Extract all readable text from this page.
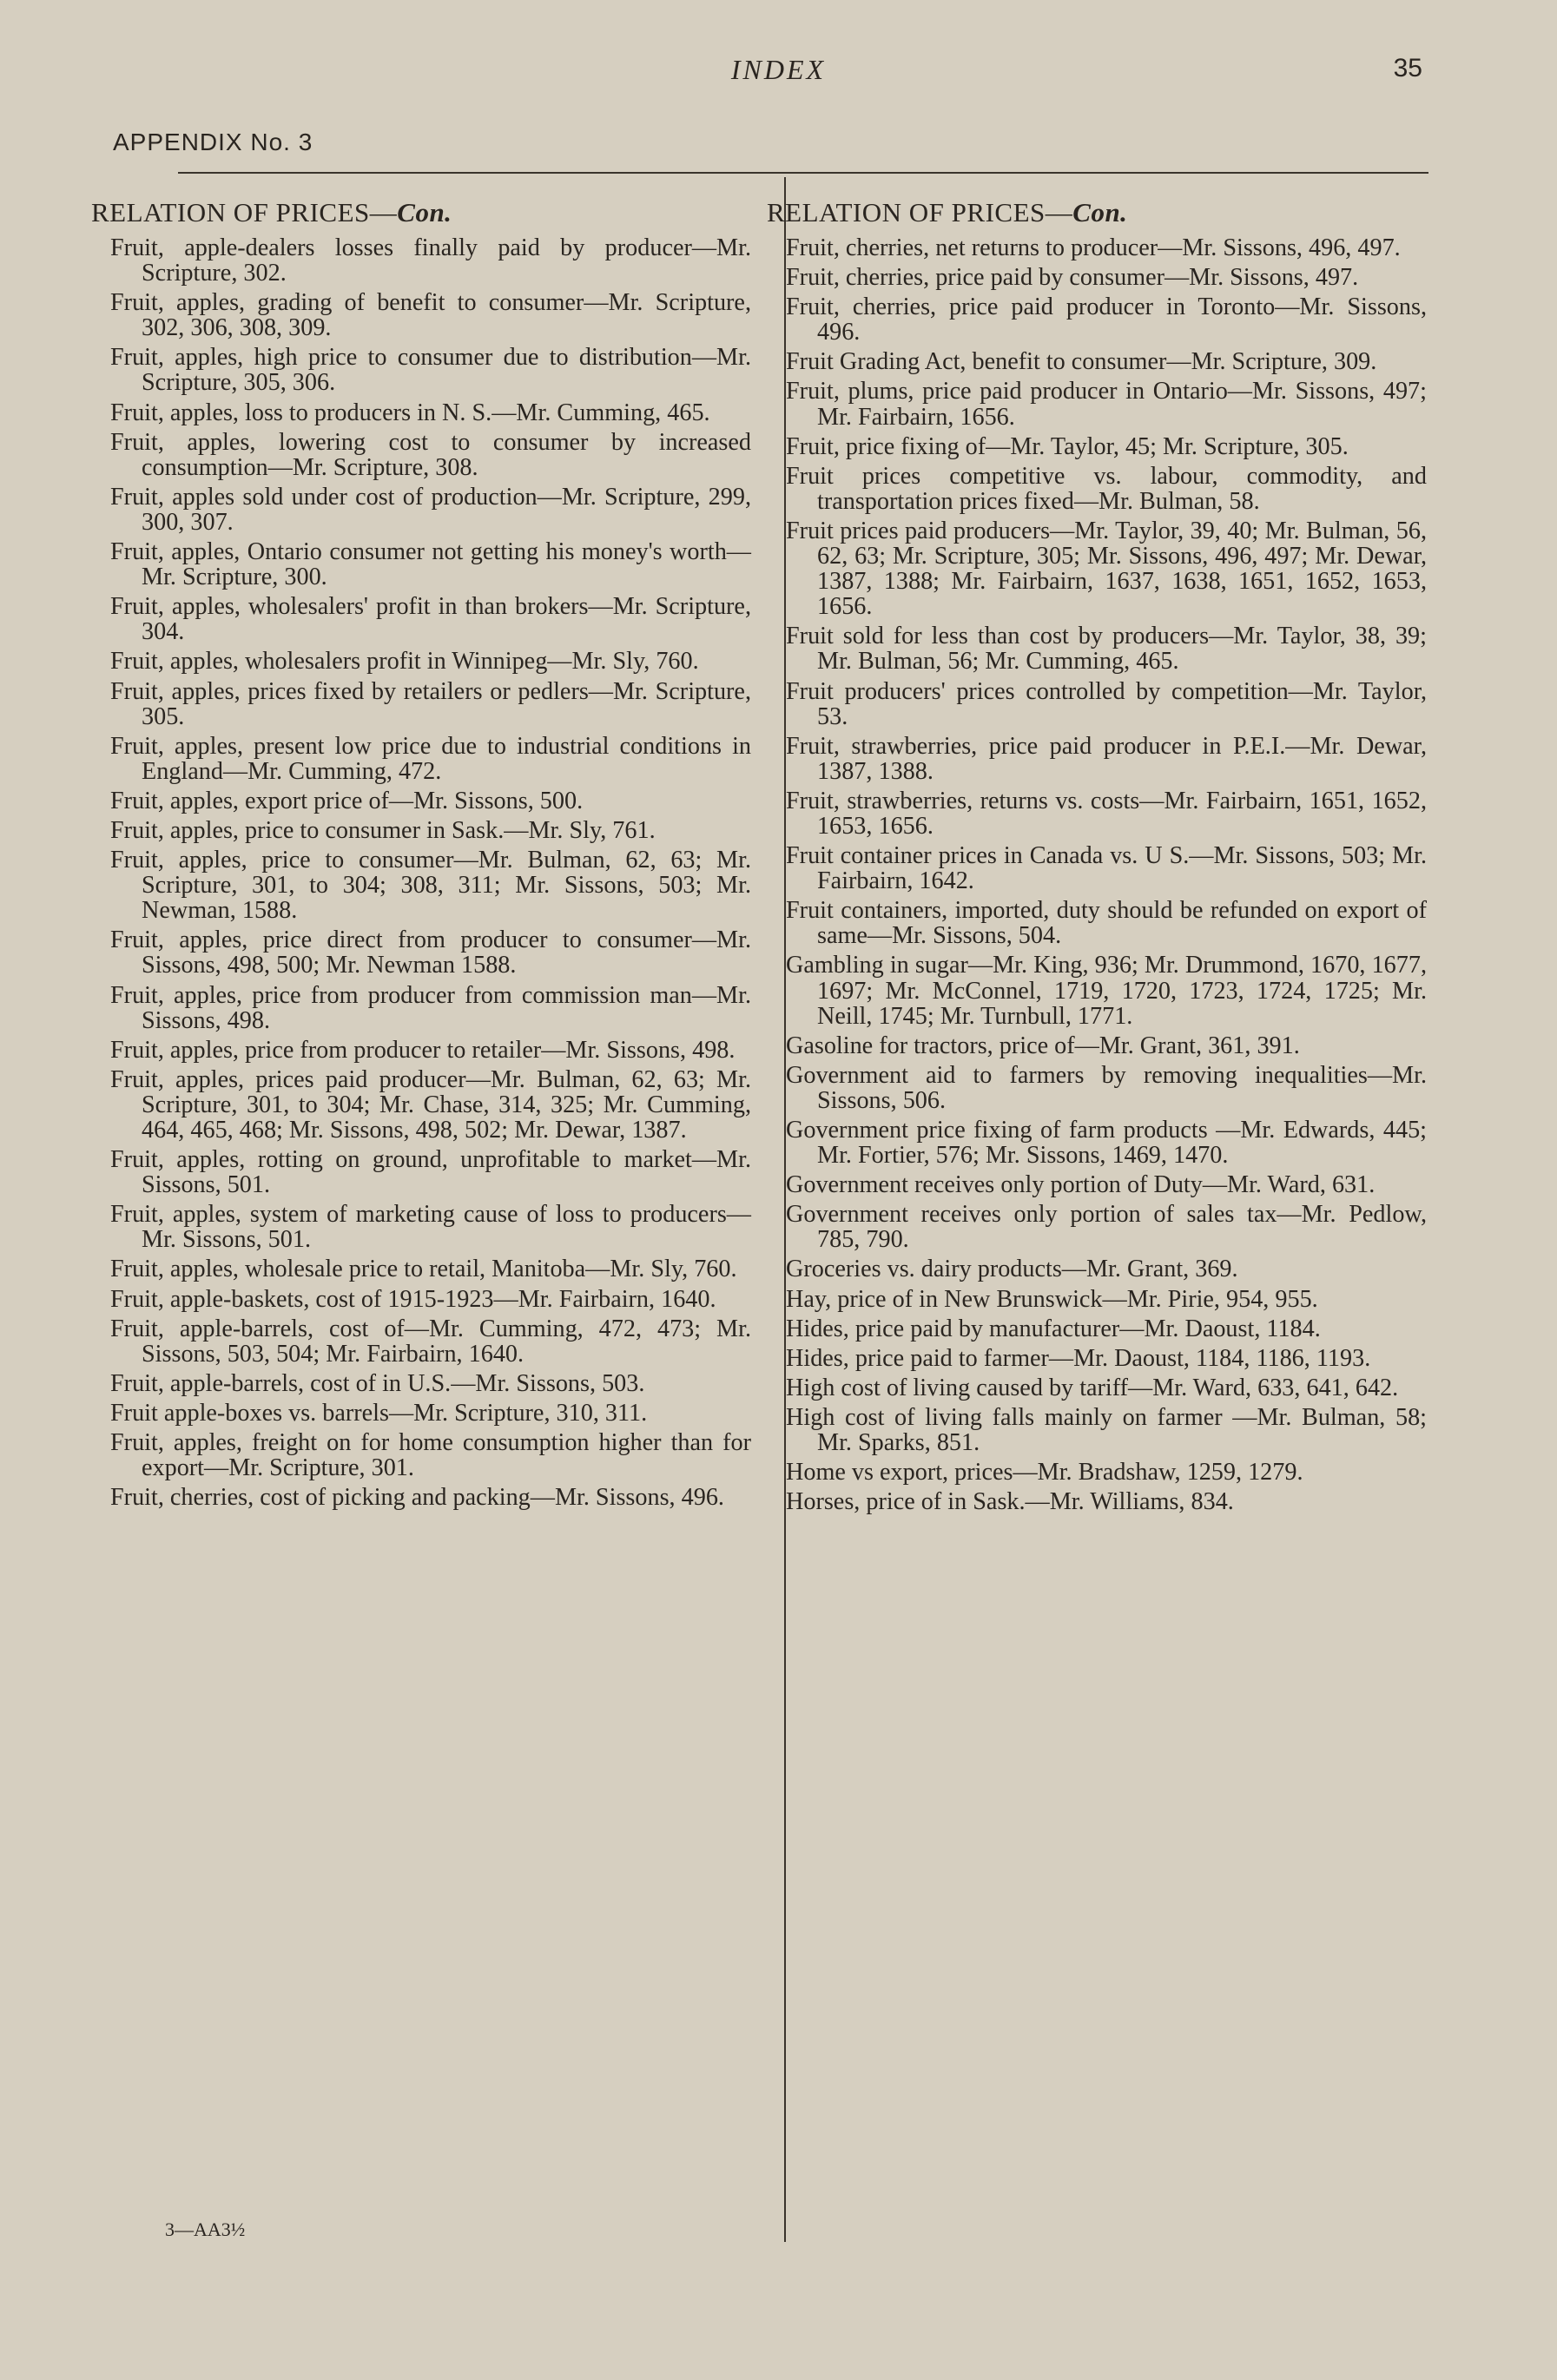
INDEX	35
APPENDIX No. 3
RELATION OF PRICES—Con.

Fruit, apple-dealers losses finally paid by producer—Mr. Scripture, 302.

Fruit, apples, grading of benefit to consumer—Mr. Scripture, 302, 306, 308, 309.

Fruit, apples, high price to consumer due to distribution—Mr. Scripture, 305, 306.

Fruit, apples, loss to producers in N. S.—Mr. Cumming, 465.

Fruit, apples, lowering cost to consumer by increased consumption—Mr. Scripture, 308.

Fruit, apples sold under cost of production—Mr. Scripture, 299, 300, 307.

Fruit, apples, Ontario consumer not getting his money's worth—Mr. Scripture, 300.

Fruit, apples, wholesalers' profit in than brokers—Mr. Scripture, 304.

Fruit, apples, wholesalers profit in Winnipeg—Mr. Sly, 760.

Fruit, apples, prices fixed by retailers or pedlers—Mr. Scripture, 305.

Fruit, apples, present low price due to industrial conditions in England—Mr. Cumming, 472.

Fruit, apples, export price of—Mr. Sissons, 500.

Fruit, apples, price to consumer in Sask.—Mr. Sly, 761.

Fruit, apples, price to consumer—Mr. Bulman, 62, 63; Mr. Scripture, 301, to 304; 308, 311; Mr. Sissons, 503; Mr. Newman, 1588.

Fruit, apples, price direct from producer to consumer—Mr. Sissons, 498, 500; Mr. Newman 1588.

Fruit, apples, price from producer from commission man—Mr. Sissons, 498.

Fruit, apples, price from producer to retailer—Mr. Sissons, 498.

Fruit, apples, prices paid producer—Mr. Bulman, 62, 63; Mr. Scripture, 301, to 304; Mr. Chase, 314, 325; Mr. Cumming, 464, 465, 468; Mr. Sissons, 498, 502; Mr. Dewar, 1387.

Fruit, apples, rotting on ground, unprofitable to market—Mr. Sissons, 501.

Fruit, apples, system of marketing cause of loss to producers—Mr. Sissons, 501.

Fruit, apples, wholesale price to retail, Manitoba—Mr. Sly, 760.

Fruit, apple-baskets, cost of 1915-1923—Mr. Fairbairn, 1640.

Fruit, apple-barrels, cost of—Mr. Cumming, 472, 473; Mr. Sissons, 503, 504; Mr. Fairbairn, 1640.

Fruit, apple-barrels, cost of in U.S.—Mr. Sissons, 503.

Fruit apple-boxes vs. barrels—Mr. Scripture, 310, 311.

Fruit, apples, freight on for home consumption higher than for export—Mr. Scripture, 301.

Fruit, cherries, cost of picking and packing—Mr. Sissons, 496.

RELATION OF PRICES—Con.

Fruit, cherries, net returns to producer—Mr. Sissons, 496, 497.

Fruit, cherries, price paid by consumer—Mr. Sissons, 497.

Fruit, cherries, price paid producer in Toronto—Mr. Sissons, 496.

Fruit Grading Act, benefit to consumer—Mr. Scripture, 309.

Fruit, plums, price paid producer in Ontario—Mr. Sissons, 497; Mr. Fairbairn, 1656.

Fruit, price fixing of—Mr. Taylor, 45; Mr. Scripture, 305.

Fruit prices competitive vs. labour, commodity, and transportation prices fixed—Mr. Bulman, 58.

Fruit prices paid producers—Mr. Taylor, 39, 40; Mr. Bulman, 56, 62, 63; Mr. Scripture, 305; Mr. Sissons, 496, 497; Mr. Dewar, 1387, 1388; Mr. Fairbairn, 1637, 1638, 1651, 1652, 1653, 1656.

Fruit sold for less than cost by producers—Mr. Taylor, 38, 39; Mr. Bulman, 56; Mr. Cumming, 465.

Fruit producers' prices controlled by competition—Mr. Taylor, 53.

Fruit, strawberries, price paid producer in P.E.I.—Mr. Dewar, 1387, 1388.

Fruit, strawberries, returns vs. costs—Mr. Fairbairn, 1651, 1652, 1653, 1656.

Fruit container prices in Canada vs. U S.—Mr. Sissons, 503; Mr. Fairbairn, 1642.

Fruit containers, imported, duty should be refunded on export of same—Mr. Sissons, 504.

Gambling in sugar—Mr. King, 936; Mr. Drummond, 1670, 1677, 1697; Mr. McConnel, 1719, 1720, 1723, 1724, 1725; Mr. Neill, 1745; Mr. Turnbull, 1771.

Gasoline for tractors, price of—Mr. Grant, 361, 391.

Government aid to farmers by removing inequalities—Mr. Sissons, 506.

Government price fixing of farm products —Mr. Edwards, 445; Mr. Fortier, 576; Mr. Sissons, 1469, 1470.

Government receives only portion of Duty—Mr. Ward, 631.

Government receives only portion of sales tax—Mr. Pedlow, 785, 790.

Groceries vs. dairy products—Mr. Grant, 369.

Hay, price of in New Brunswick—Mr. Pirie, 954, 955.

Hides, price paid by manufacturer—Mr. Daoust, 1184.

Hides, price paid to farmer—Mr. Daoust, 1184, 1186, 1193.

High cost of living caused by tariff—Mr. Ward, 633, 641, 642.

High cost of living falls mainly on farmer —Mr. Bulman, 58; Mr. Sparks, 851.

Home vs export, prices—Mr. Bradshaw, 1259, 1279.

Horses, price of in Sask.—Mr. Williams, 834.

3—AA3½
